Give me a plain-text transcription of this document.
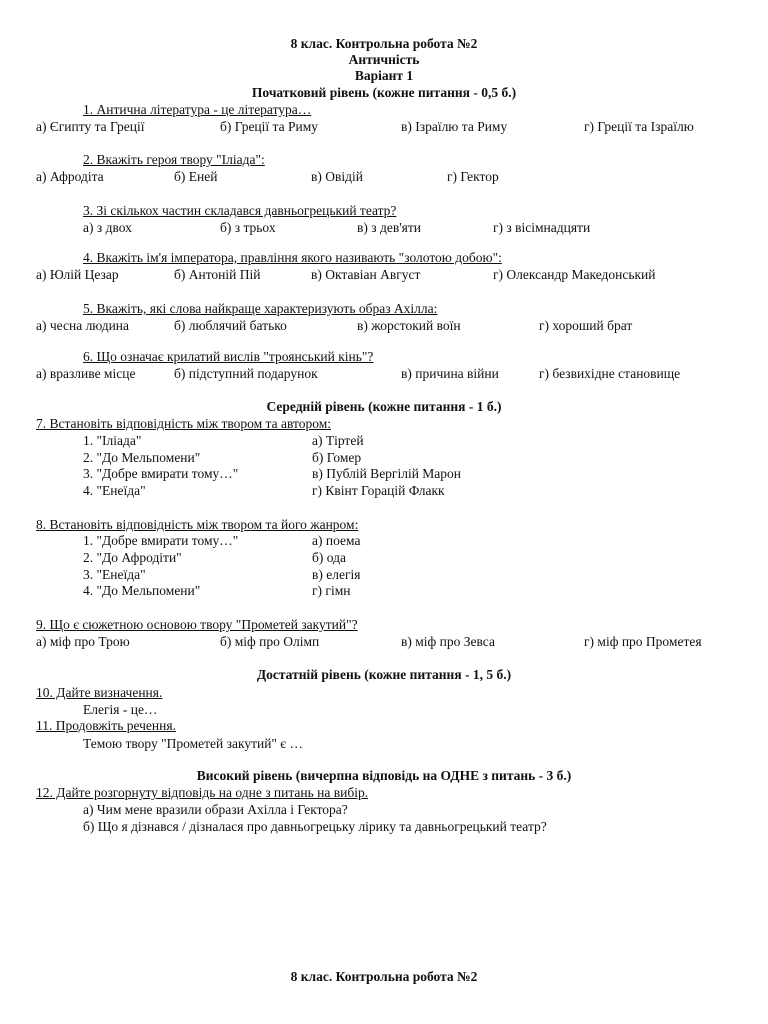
8 клас. Контрольна робота №2
Античність
Варіант 1
Початковий рівень (кожне питання - 0,5 б.)
1. Антична література - це література…
а) Єгипту та Греції	б) Греції та Риму	в) Ізраїлю та Риму	г) Греції та Ізраїлю
2. Вкажіть героя твору "Іліада":
а) Афродіта	б) Еней	в) Овідій	г) Гектор
3. Зі скількох частин складався давньогрецький театр?
а) з двох	б) з трьох	в) з дев'яти	г) з вісімнадцяти
4. Вкажіть ім'я імператора, правління якого називають "золотою добою":
а) Юлій Цезар	б) Антоній Пій	в) Октавіан Август	г) Олександр Македонський
5. Вкажіть, які слова найкраще характеризують образ Ахілла:
а) чесна людина	б) люблячий батько	в) жорстокий воїн	г) хороший брат
6. Що означає крилатий вислів "троянський кінь"?
а) вразливе місце	б) підступний подарунок	в) причина війни	г) безвихідне становище
Середній рівень (кожне питання - 1 б.)
7. Встановіть відповідність між твором та автором:
1. "Іліада"	а) Тіртей
2. "До Мельпомени"	б) Гомер
3. "Добре вмирати тому…"	в) Публій Вергілій Марон
4. "Енеїда"	г) Квінт Горацій Флакк
8. Встановіть відповідність між твором та його жанром:
1. "Добре вмирати тому…"	а) поема
2. "До Афродіти"	б) ода
3. "Енеїда"	в) елегія
4. "До Мельпомени"	г) гімн
9. Що є сюжетною основою твору "Прометей закутий"?
а) міф про Трою	б) міф про Олімп	в) міф про Зевса	г) міф про Прометея
Достатній рівень (кожне питання - 1, 5 б.)
10. Дайте визначення.
Елегія - це…
11. Продовжіть речення.
Темою твору "Прометей закутий" є …
Високий рівень (вичерпна відповідь на ОДНЕ з питань - 3 б.)
12. Дайте розгорнуту відповідь на одне з питань на вибір.
а) Чим мене вразили образи Ахілла і Гектора?
б) Що я дізнався / дізналася про давньогрецьку лірику та давньогрецький театр?
8 клас. Контрольна робота №2
